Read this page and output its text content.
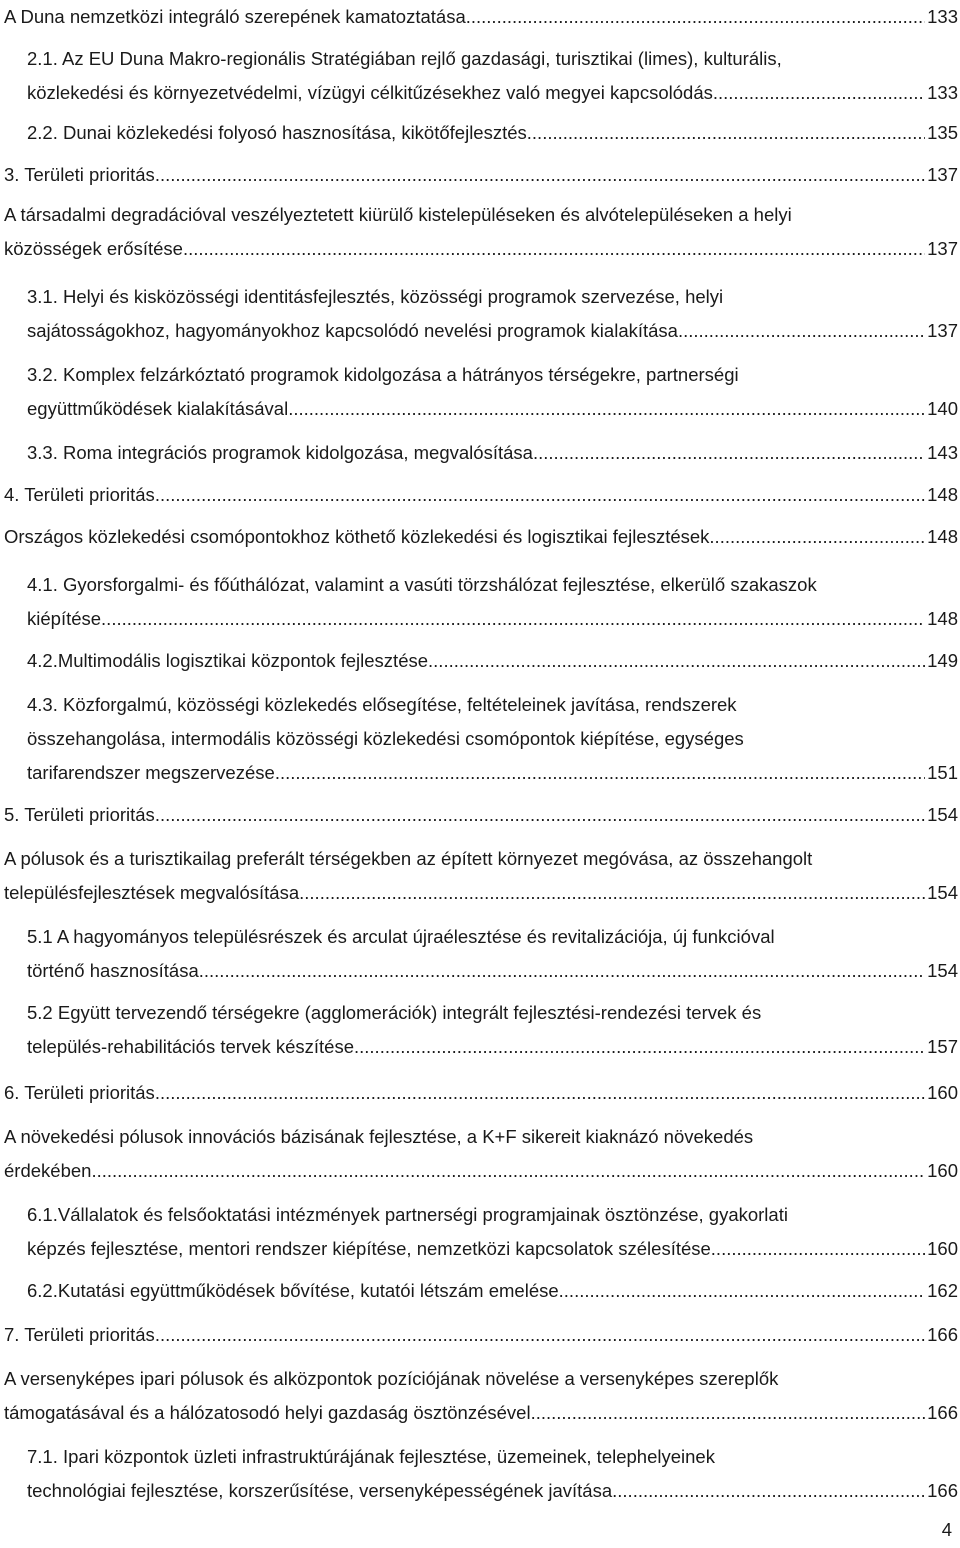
A Duna nemzetközi integráló szerepének kamatoztatása .....	133
2.1. Az EU Duna Makro-regionális Stratégiában rejlő gazdasági, turisztikai (limes), kulturális,
közlekedési és környezetvédelmi, vízügyi célkitűzésekhez való megyei kapcsolódás .....	133
2.2. Dunai közlekedési folyosó hasznosítása, kikötőfejlesztés .....	135
3. Területi prioritás .....	137
A társadalmi degradációval veszélyeztetett kiürülő kistelepüléseken és alvótelepüléseken a helyi
közösségek erősítése .....	137
3.1. Helyi és kisközösségi identitásfejlesztés, közösségi programok szervezése, helyi
sajátosságokhoz, hagyományokhoz kapcsolódó nevelési programok kialakítása .....	137
3.2. Komplex felzárkóztató programok kidolgozása a hátrányos térségekre, partnerségi
együttműködések kialakításával .....	140
3.3. Roma integrációs programok kidolgozása, megvalósítása .....	143
4. Területi prioritás .....	148
Országos közlekedési csomópontokhoz köthető közlekedési és logisztikai fejlesztések .....	148
4.1. Gyorsforgalmi- és főúthálózat, valamint a vasúti törzshálózat fejlesztése, elkerülő szakaszok
kiépítése .....	148
4.2.Multimodális logisztikai központok fejlesztése .....	149
4.3. Közforgalmú, közösségi közlekedés elősegítése, feltételeinek javítása, rendszerek
összehangolása, intermodális közösségi közlekedési csomópontok kiépítése, egységes
tarifarendszer megszervezése .....	151
5. Területi prioritás .....	154
A pólusok és a turisztikailag preferált térségekben az épített környezet megóvása, az összehangolt
településfejlesztések megvalósítása .....	154
5.1 A hagyományos településrészek és arculat újraélesztése és revitalizációja, új funkcióval
történő hasznosítása .....	154
5.2 Együtt tervezendő térségekre (agglomerációk) integrált fejlesztési-rendezési tervek és
település-rehabilitációs tervek készítése .....	157
6. Területi prioritás .....	160
A növekedési pólusok innovációs bázisának fejlesztése, a K+F sikereit kiaknázó növekedés
érdekében .....	160
6.1.Vállalatok és felsőoktatási intézmények partnerségi programjainak ösztönzése, gyakorlati
képzés fejlesztése, mentori rendszer kiépítése, nemzetközi kapcsolatok szélesítése .....	160
6.2.Kutatási együttműködések bővítése, kutatói létszám emelése .....	162
7. Területi prioritás .....	166
A versenyképes ipari pólusok és alközpontok pozíciójának növelése a versenyképes szereplők
támogatásával és a hálózatosodó helyi gazdaság ösztönzésével .....	166
7.1. Ipari központok üzleti infrastruktúrájának fejlesztése, üzemeinek, telephelyeinek
technológiai fejlesztése, korszerűsítése, versenyképességének javítása .....	166
4
